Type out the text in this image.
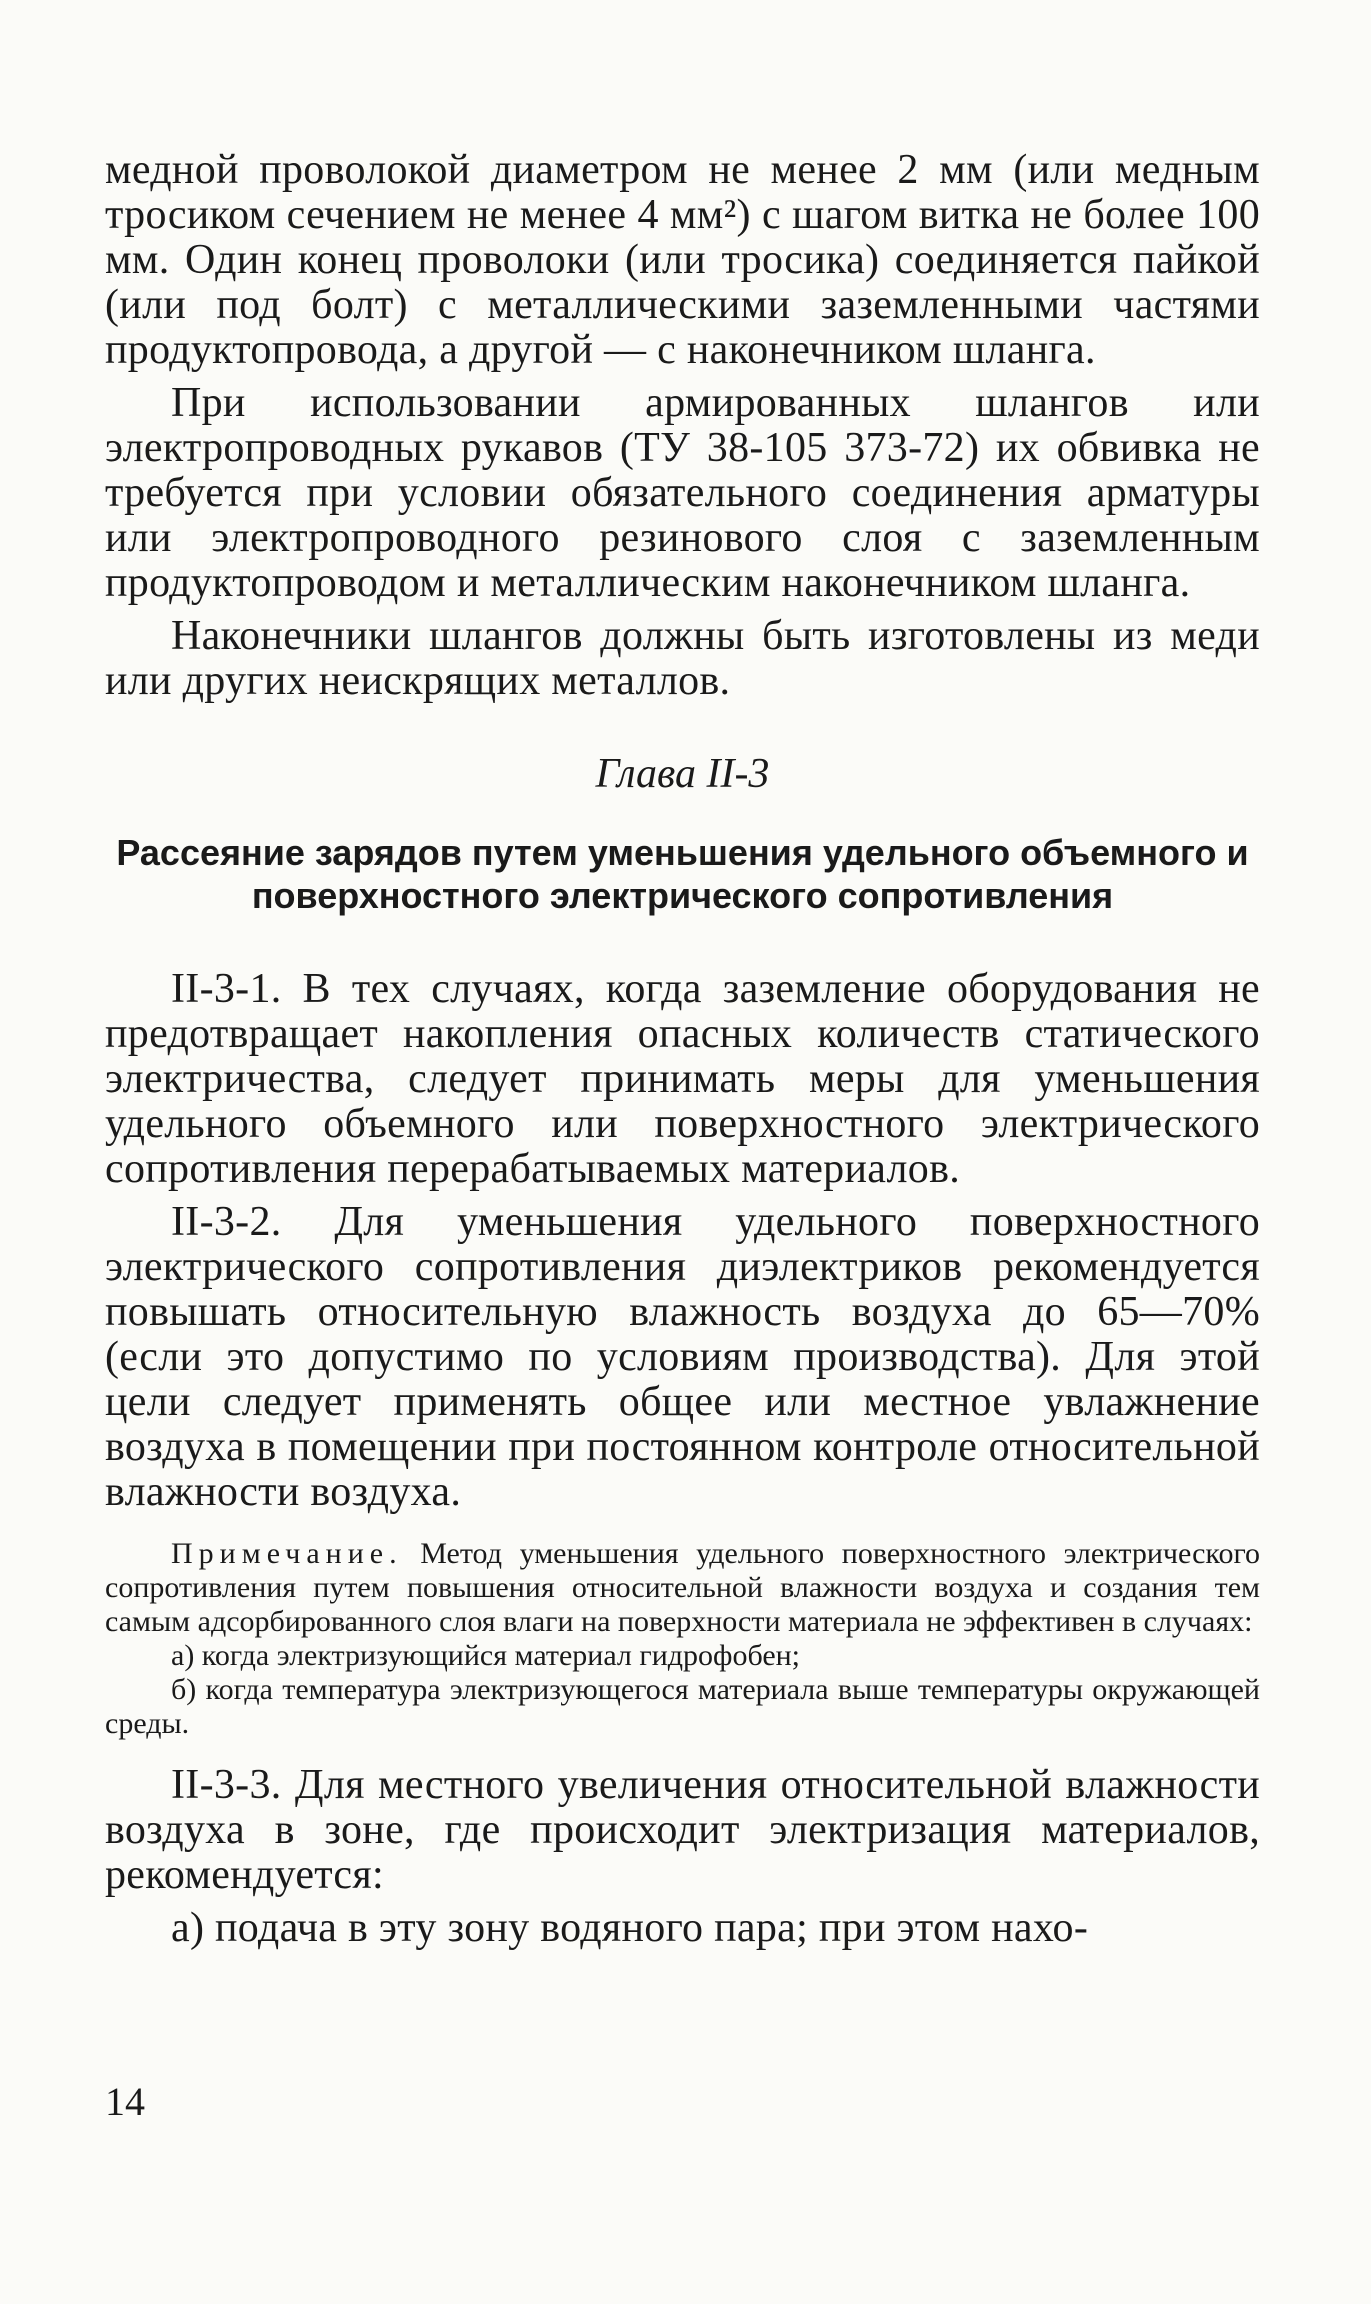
медной проволокой диаметром не менее 2 мм (или медным тросиком сечением не менее 4 мм²) с шагом витка не более 100 мм. Один конец проволоки (или тросика) соединяется пайкой (или под болт) с металлическими заземленными частями продуктопровода, а другой — с наконечником шланга.

При использовании армированных шлангов или электропроводных рукавов (ТУ 38-105 373-72) их обвивка не требуется при условии обязательного соединения арматуры или электропроводного резинового слоя с заземленным продуктопроводом и металлическим наконечником шланга.

Наконечники шлангов должны быть изготовлены из меди или других неискрящих металлов.

Глава II-3
Рассеяние зарядов путем уменьшения удельного объемного и поверхностного электрического сопротивления

II-3-1. В тех случаях, когда заземление оборудования не предотвращает накопления опасных количеств статического электричества, следует принимать меры для уменьшения удельного объемного или поверхностного электрического сопротивления перерабатываемых материалов.

II-3-2. Для уменьшения удельного поверхностного электрического сопротивления диэлектриков рекомендуется повышать относительную влажность воздуха до 65—70% (если это допустимо по условиям производства). Для этой цели следует применять общее или местное увлажнение воздуха в помещении при постоянном контроле относительной влажности воздуха.

Примечание. Метод уменьшения удельного поверхностного электрического сопротивления путем повышения относительной влажности воздуха и создания тем самым адсорбированного слоя влаги на поверхности материала не эффективен в случаях:

а) когда электризующийся материал гидрофобен;

б) когда температура электризующегося материала выше температуры окружающей среды.

II-3-3. Для местного увеличения относительной влажности воздуха в зоне, где происходит электризация материалов, рекомендуется:

а) подача в эту зону водяного пара; при этом нахо-

14
